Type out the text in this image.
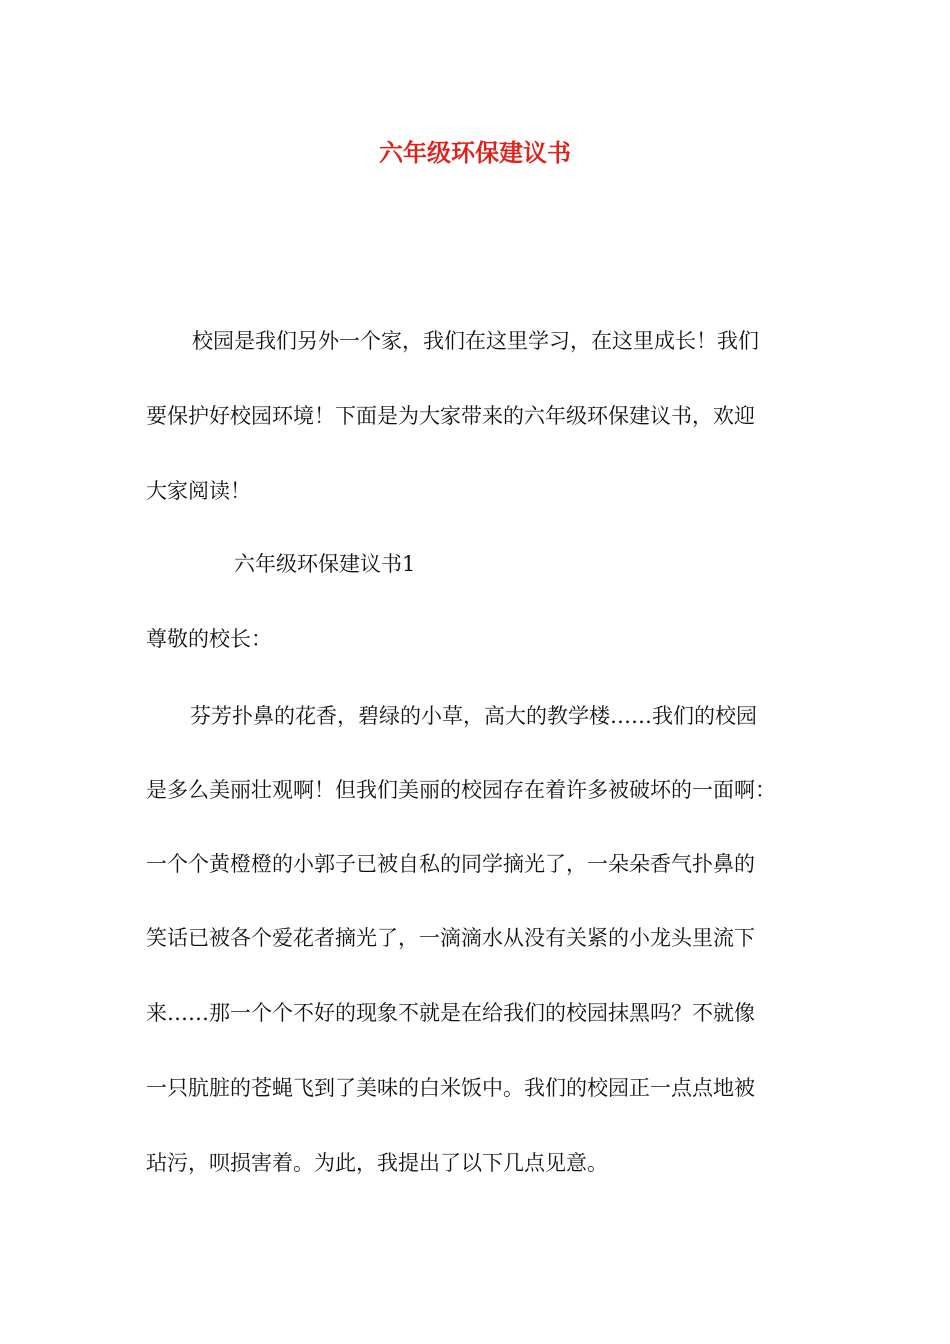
六年级环保建议书

校园是我们另外一个家，我们在这里学习，在这里成长！我们

要保护好校园环境！下面是为大家带来的六年级环保建议书，欢迎

大家阅读！

六年级环保建议书1

尊敬的校长：

芬芳扑鼻的花香，碧绿的小草，高大的教学楼……我们的校园

是多么美丽壮观啊！但我们美丽的校园存在着许多被破坏的一面啊：

一个个黄橙橙的小郭子已被自私的同学摘光了，一朵朵香气扑鼻的

笑话已被各个爱花者摘光了，一滴滴水从没有关紧的小龙头里流下

来……那一个个不好的现象不就是在给我们的校园抹黑吗？不就像

一只肮脏的苍蝇飞到了美味的白米饭中。我们的校园正一点点地被

玷污，呗损害着。为此，我提出了以下几点见意。
